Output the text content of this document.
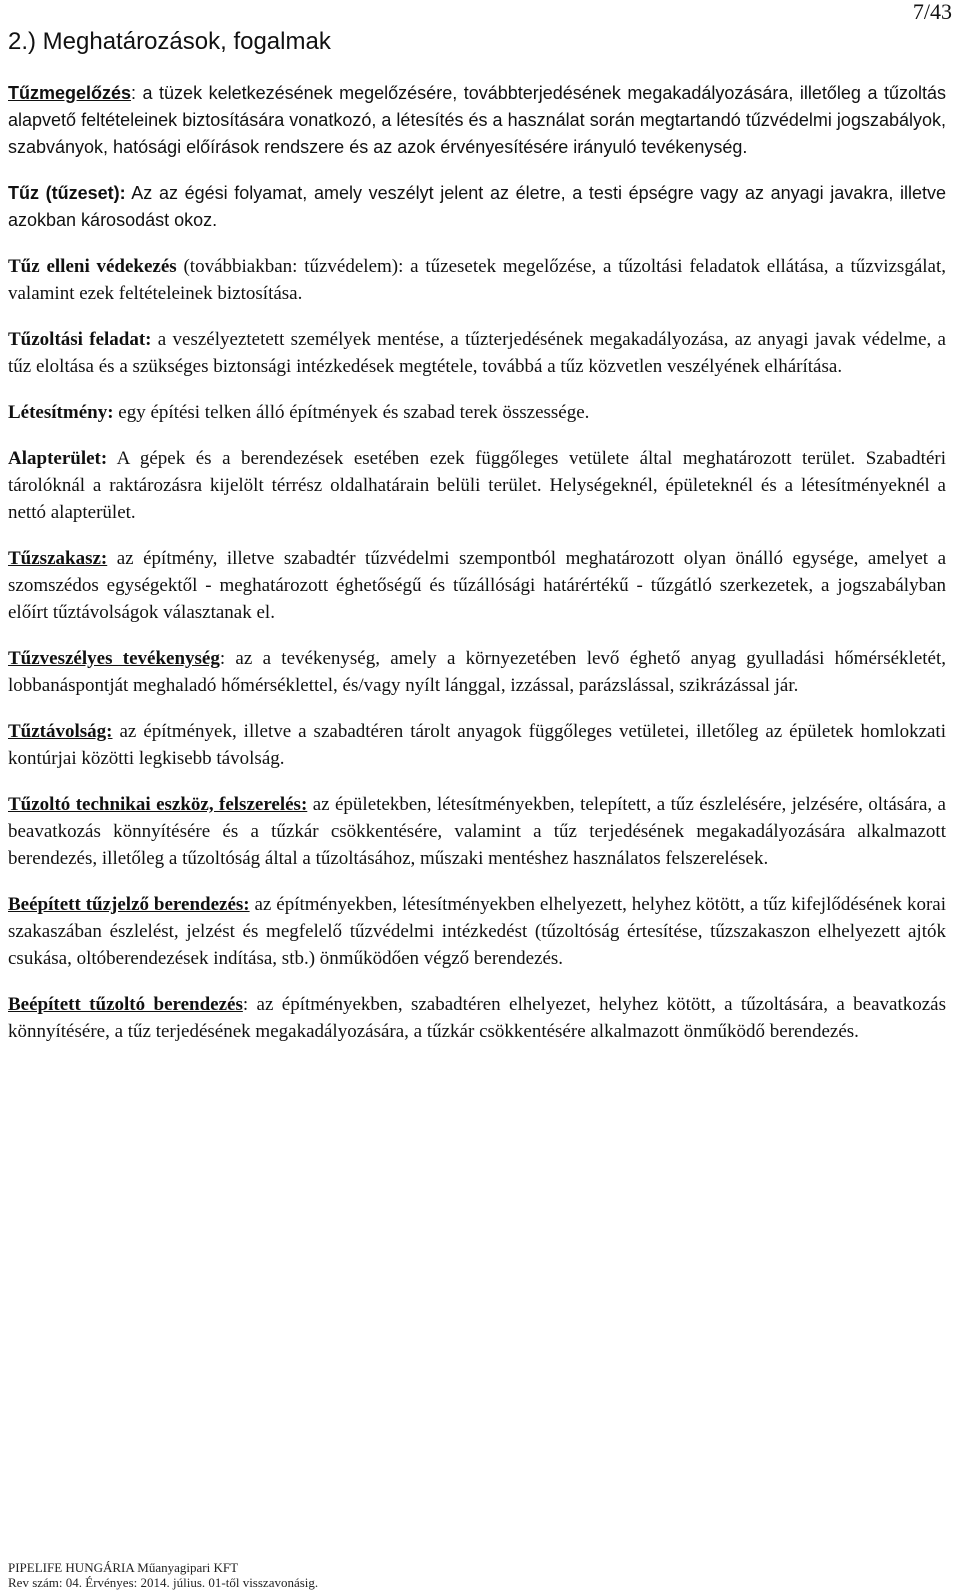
7/43
2.) Meghatározások, fogalmak

Tűzmegelőzés: a tüzek keletkezésének megelőzésére, továbbterjedésének megakadályozására, illetőleg a tűzoltás alapvető feltételeinek biztosítására vonatkozó, a létesítés és a használat során megtartandó tűzvédelmi jogszabályok, szabványok, hatósági előírások rendszere és az azok érvényesítésére irányuló tevékenység.

Tűz (tűzeset): Az az égési folyamat, amely veszélyt jelent az életre, a testi épségre vagy az anyagi javakra, illetve azokban károsodást okoz.

Tűz elleni védekezés (továbbiakban: tűzvédelem): a tűzesetek megelőzése, a tűzoltási feladatok ellátása, a tűzvizsgálat, valamint ezek feltételeinek biztosítása.

Tűzoltási feladat: a veszélyeztetett személyek mentése, a tűzterjedésének megakadályozása, az anyagi javak védelme, a tűz eloltása és a szükséges biztonsági intézkedések megtétele, továbbá a tűz közvetlen veszélyének elhárítása.

Létesítmény: egy építési telken álló építmények és szabad terek összessége.

Alapterület: A gépek és a berendezések esetében ezek függőleges vetülete által meghatározott terület. Szabadtéri tárolóknál a raktározásra kijelölt térrész oldalhatárain belüli terület. Helységeknél, épületeknél és a létesítményeknél a nettó alapterület.

Tűzszakasz: az építmény, illetve szabadtér tűzvédelmi szempontból meghatározott olyan önálló egysége, amelyet a szomszédos egységektől - meghatározott éghetőségű és tűzállósági határértékű - tűzgátló szerkezetek, a jogszabályban előírt tűztávolságok választanak el.

Tűzveszélyes tevékenység: az a tevékenység, amely a környezetében levő éghető anyag gyulladási hőmérsékletét, lobbanáspontját meghaladó hőmérséklettel, és/vagy nyílt lánggal, izzással, parázslással, szikrázással jár.

Tűztávolság: az építmények, illetve a szabadtéren tárolt anyagok függőleges vetületei, illetőleg az épületek homlokzati kontúrjai közötti legkisebb távolság.

Tűzoltó technikai eszköz, felszerelés: az épületekben, létesítményekben, telepített, a tűz észlelésére, jelzésére, oltására, a beavatkozás könnyítésére és a tűzkár csökkentésére, valamint a tűz terjedésének megakadályozására alkalmazott berendezés, illetőleg a tűzoltóság által a tűzoltásához, műszaki mentéshez használatos felszerelések.

Beépített tűzjelző berendezés: az építményekben, létesítményekben elhelyezett, helyhez kötött, a tűz kifejlődésének korai szakaszában észlelést, jelzést és megfelelő tűzvédelmi intézkedést (tűzoltóság értesítése, tűzszakaszon elhelyezett ajtók csukása, oltóberendezések indítása, stb.) önműködően végző berendezés.

Beépített tűzoltó berendezés: az építményekben, szabadtéren elhelyezet, helyhez kötött, a tűzoltására, a beavatkozás könnyítésére, a tűz terjedésének megakadályozására, a tűzkár csökkentésére alkalmazott önműködő berendezés.

PIPELIFE HUNGÁRIA Műanyagipari KFT
Rev szám: 04. Érvényes: 2014. július. 01-től visszavonásig.
